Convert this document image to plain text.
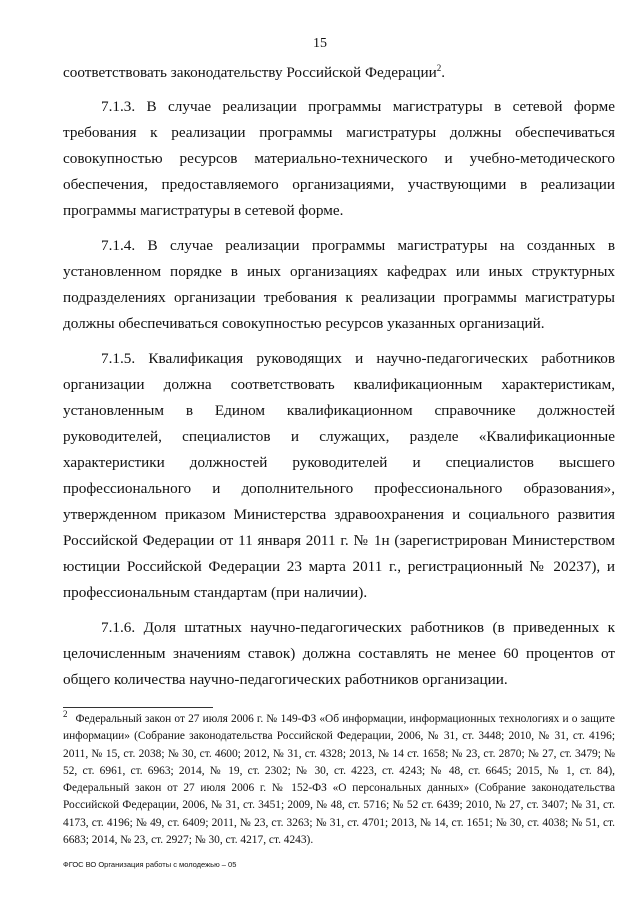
15

соответствовать законодательству Российской Федерации$^2$.

7.1.3. В случае реализации программы магистратуры в сетевой форме требования к реализации программы магистратуры должны обеспечиваться совокупностью ресурсов материально-технического и учебно-методического обеспечения, предоставляемого организациями, участвующими в реализации программы магистратуры в сетевой форме.

7.1.4. В случае реализации программы магистратуры на созданных в установленном порядке в иных организациях кафедрах или иных структурных подразделениях организации требования к реализации программы магистратуры должны обеспечиваться совокупностью ресурсов указанных организаций.

7.1.5. Квалификация руководящих и научно-педагогических работников организации должна соответствовать квалификационным характеристикам, установленным в Едином квалификационном справочнике должностей руководителей, специалистов и служащих, разделе «Квалификационные характеристики должностей руководителей и специалистов высшего профессионального и дополнительного профессионального образования», утвержденном приказом Министерства здравоохранения и социального развития Российской Федерации от 11 января 2011 г. № 1н (зарегистрирован Министерством юстиции Российской Федерации 23 марта 2011 г., регистрационный № 20237), и профессиональным стандартам (при наличии).

7.1.6. Доля штатных научно-педагогических работников (в приведенных к целочисленным значениям ставок) должна составлять не менее 60 процентов от общего количества научно-педагогических работников организации.

$^2$ Федеральный закон от 27 июля 2006 г. № 149-ФЗ «Об информации, информационных технологиях и о защите информации» (Собрание законодательства Российской Федерации, 2006, № 31, ст. 3448; 2010, № 31, ст. 4196; 2011, № 15, ст. 2038; № 30, ст. 4600; 2012, № 31, ст. 4328; 2013, № 14 ст. 1658; № 23, ст. 2870; № 27, ст. 3479; № 52, ст. 6961, ст. 6963; 2014, № 19, ст. 2302; № 30, ст. 4223, ст. 4243; № 48, ст. 6645; 2015, № 1, ст. 84), Федеральный закон от 27 июля 2006 г. № 152-ФЗ «О персональных данных» (Собрание законодательства Российской Федерации, 2006, № 31, ст. 3451; 2009, № 48, ст. 5716; № 52 ст. 6439; 2010, № 27, ст. 3407; № 31, ст. 4173, ст. 4196; № 49, ст. 6409; 2011, № 23, ст. 3263; № 31, ст. 4701; 2013, № 14, ст. 1651; № 30, ст. 4038; № 51, ст. 6683; 2014, № 23, ст. 2927; № 30, ст. 4217, ст. 4243).
ФГОС ВО Организация работы с молодежью – 05
